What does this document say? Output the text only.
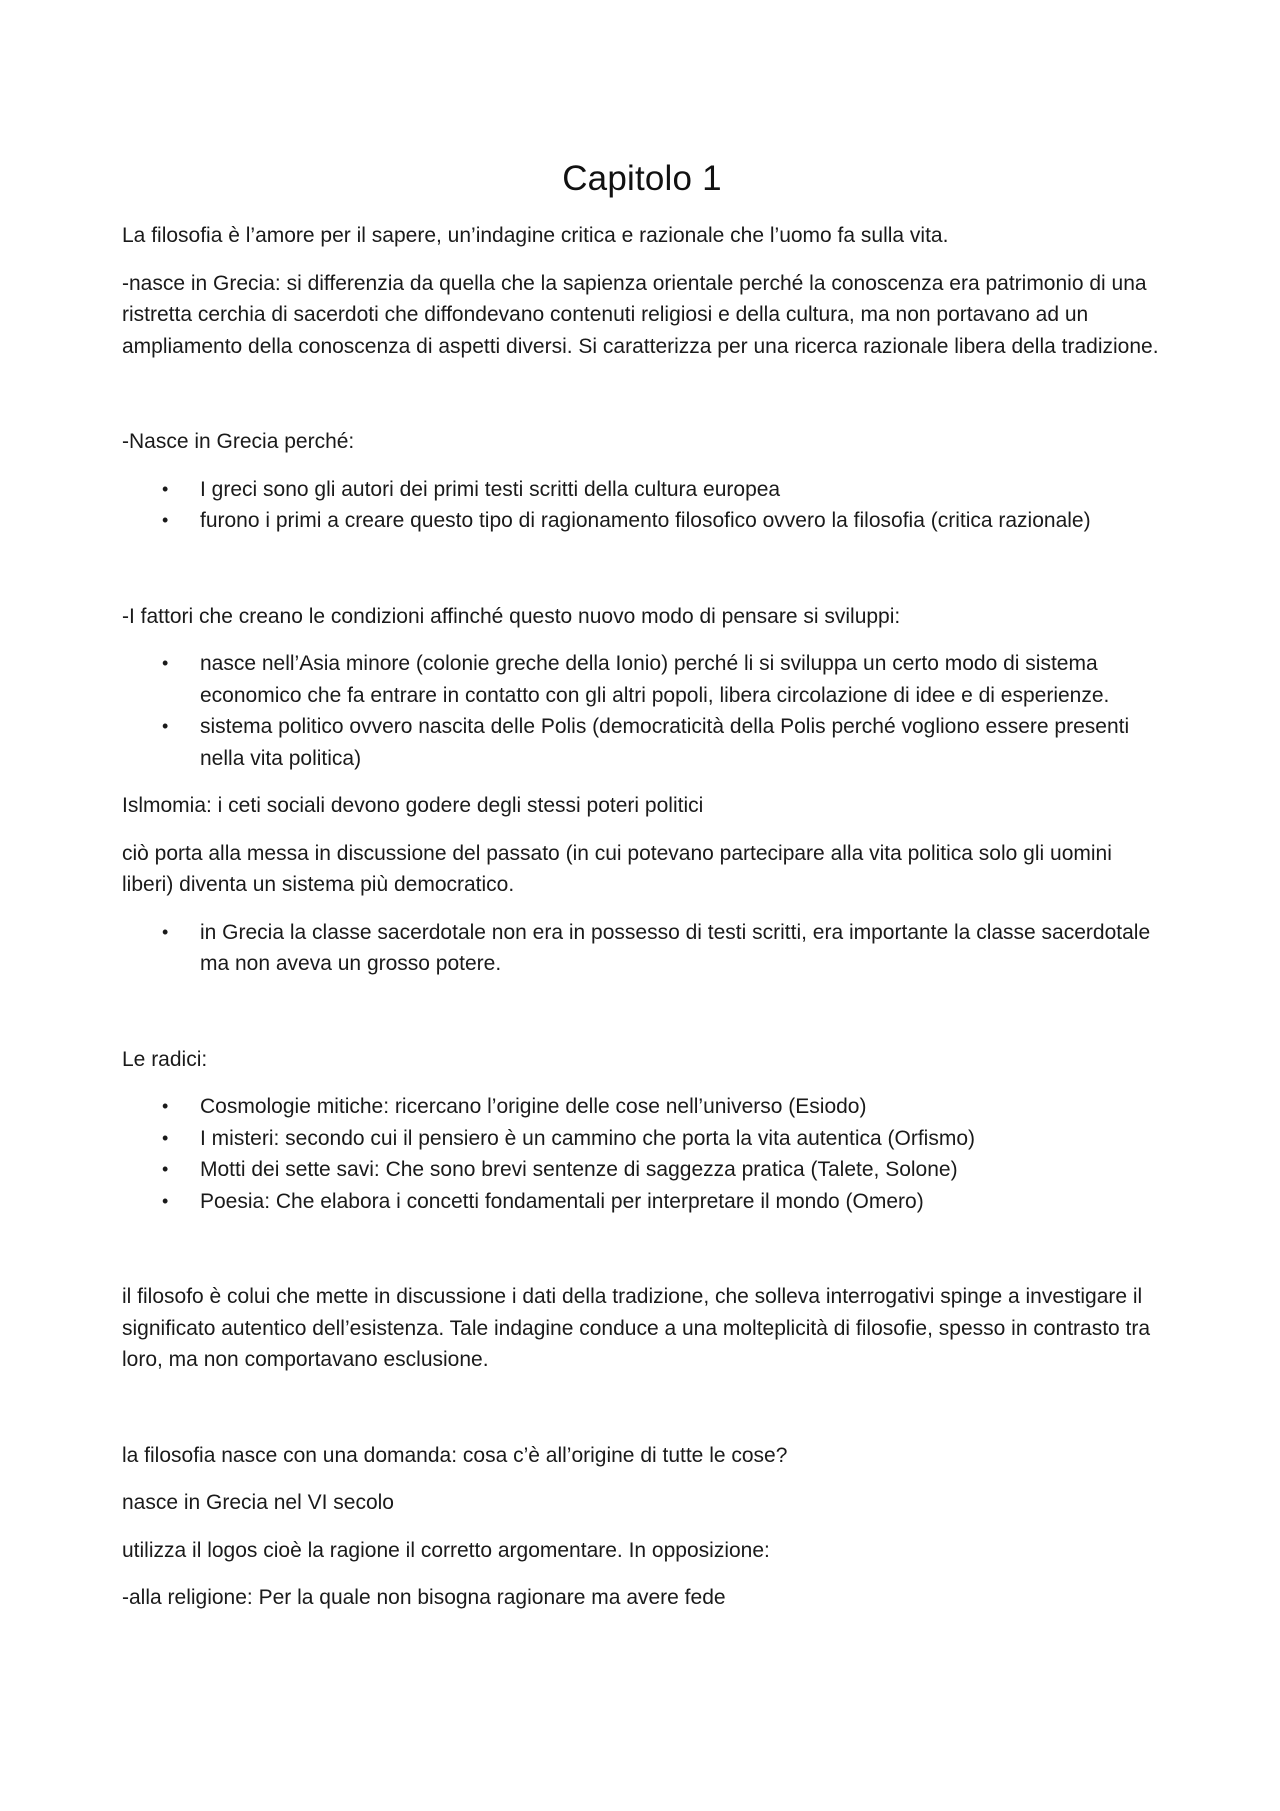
Capitolo 1

La filosofia è l’amore per il sapere, un’indagine critica e razionale che l’uomo fa sulla vita.

-nasce in Grecia: si differenzia da quella che la sapienza orientale perché la conoscenza era patrimonio di una ristretta cerchia di sacerdoti che diffondevano contenuti religiosi e della cultura, ma non portavano ad un ampliamento della conoscenza di aspetti diversi. Si caratterizza per una ricerca razionale libera della tradizione.

-Nasce in Grecia perché:

• I greci sono gli autori dei primi testi scritti della cultura europea
• furono i primi a creare questo tipo di ragionamento filosofico ovvero la filosofia (critica razionale)

-I fattori che creano le condizioni affinché questo nuovo modo di pensare si sviluppi:

• nasce nell’Asia minore (colonie greche della Ionio) perché li si sviluppa un certo modo di sistema economico che fa entrare in contatto con gli altri popoli, libera circolazione di idee e di esperienze.
• sistema politico ovvero nascita delle Polis (democraticità della Polis perché vogliono essere presenti nella vita politica)

Islmomia: i ceti sociali devono godere degli stessi poteri politici

ciò porta alla messa in discussione del passato (in cui potevano partecipare alla vita politica solo gli uomini liberi) diventa un sistema più democratico.

• in Grecia la classe sacerdotale non era in possesso di testi scritti, era importante la classe sacerdotale ma non aveva un grosso potere.

Le radici:

• Cosmologie mitiche: ricercano l’origine delle cose nell’universo (Esiodo)
• I misteri: secondo cui il pensiero è un cammino che porta la vita autentica (Orfismo)
• Motti dei sette savi: Che sono brevi sentenze di saggezza pratica (Talete, Solone)
• Poesia: Che elabora i concetti fondamentali per interpretare il mondo (Omero)

il filosofo è colui che mette in discussione i dati della tradizione, che solleva interrogativi spinge a investigare il significato autentico dell’esistenza. Tale indagine conduce a una molteplicità di filosofie, spesso in contrasto tra loro, ma non comportavano esclusione.

la filosofia nasce con una domanda: cosa c’è all’origine di tutte le cose?

nasce in Grecia nel VI secolo

utilizza il logos cioè la ragione il corretto argomentare. In opposizione:

-alla religione: Per la quale non bisogna ragionare ma avere fede
